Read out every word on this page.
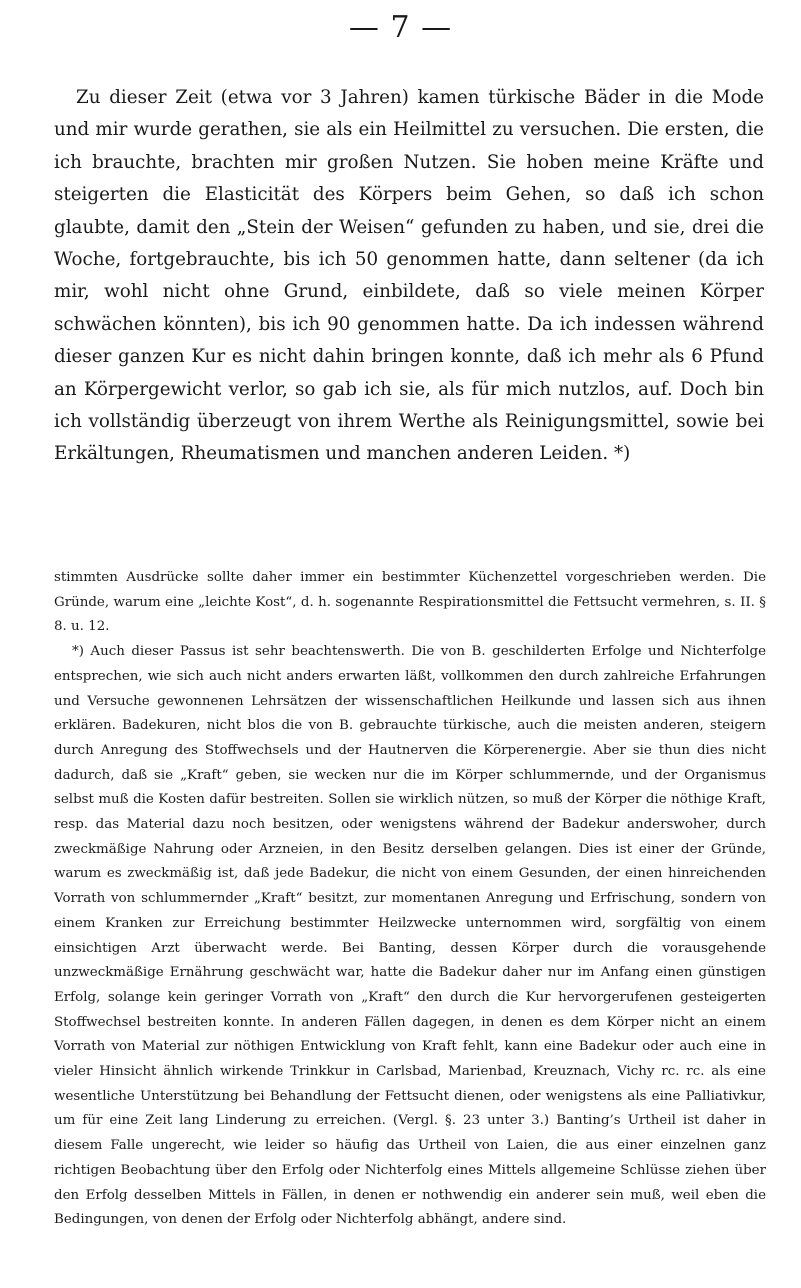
— 7 —

Zu dieser Zeit (etwa vor 3 Jahren) kamen türkische Bäder in die Mode und mir wurde gerathen, sie als ein Heilmittel zu versuchen. Die ersten, die ich brauchte, brachten mir großen Nutzen. Sie hoben meine Kräfte und steigerten die Elasticität des Körpers beim Gehen, so daß ich schon glaubte, damit den „Stein der Weisen“ gefunden zu haben, und sie, drei die Woche, fortgebrauchte, bis ich 50 genommen hatte, dann seltener (da ich mir, wohl nicht ohne Grund, einbildete, daß so viele meinen Körper schwächen könnten), bis ich 90 genommen hatte. Da ich indessen während dieser ganzen Kur es nicht dahin bringen konnte, daß ich mehr als 6 Pfund an Körpergewicht verlor, so gab ich sie, als für mich nutzlos, auf. Doch bin ich vollständig überzeugt von ihrem Werthe als Reinigungsmittel, sowie bei Erkältungen, Rheumatismen und manchen anderen Leiden. *)

stimmten Ausdrücke sollte daher immer ein bestimmter Küchenzettel vorgeschrieben werden. Die Gründe, warum eine „leichte Kost“, d. h. sogenannte Respirationsmittel die Fettsucht vermehren, s. II. § 8. u. 12.

*) Auch dieser Passus ist sehr beachtenswerth. Die von B. geschilderten Erfolge und Nichterfolge entsprechen, wie sich auch nicht anders erwarten läßt, vollkommen den durch zahlreiche Erfahrungen und Versuche gewonnenen Lehrsätzen der wissenschaftlichen Heilkunde und lassen sich aus ihnen erklären. Badekuren, nicht blos die von B. gebrauchte türkische, auch die meisten anderen, steigern durch Anregung des Stoffwechsels und der Hautnerven die Körperenergie. Aber sie thun dies nicht dadurch, daß sie „Kraft“ geben, sie wecken nur die im Körper schlummernde, und der Organismus selbst muß die Kosten dafür bestreiten. Sollen sie wirklich nützen, so muß der Körper die nöthige Kraft, resp. das Material dazu noch besitzen, oder wenigstens während der Badekur anderswoher, durch zweckmäßige Nahrung oder Arzneien, in den Besitz derselben gelangen. Dies ist einer der Gründe, warum es zweckmäßig ist, daß jede Badekur, die nicht von einem Gesunden, der einen hinreichenden Vorrath von schlummernder „Kraft“ besitzt, zur momentanen Anregung und Erfrischung, sondern von einem Kranken zur Erreichung bestimmter Heilzwecke unternommen wird, sorgfältig von einem einsichtigen Arzt überwacht werde. Bei Banting, dessen Körper durch die vorausgehende unzweckmäßige Ernährung geschwächt war, hatte die Badekur daher nur im Anfang einen günstigen Erfolg, solange kein geringer Vorrath von „Kraft“ den durch die Kur hervorgerufenen gesteigerten Stoffwechsel bestreiten konnte. In anderen Fällen dagegen, in denen es dem Körper nicht an einem Vorrath von Material zur nöthigen Entwicklung von Kraft fehlt, kann eine Badekur oder auch eine in vieler Hinsicht ähnlich wirkende Trinkkur in Carlsbad, Marienbad, Kreuznach, Vichy rc. rc. als eine wesentliche Unterstützung bei Behandlung der Fettsucht dienen, oder wenigstens als eine Palliativkur, um für eine Zeit lang Linderung zu erreichen. (Vergl. §. 23 unter 3.) Banting’s Urtheil ist daher in diesem Falle ungerecht, wie leider so häufig das Urtheil von Laien, die aus einer einzelnen ganz richtigen Beobachtung über den Erfolg oder Nichterfolg eines Mittels allgemeine Schlüsse ziehen über den Erfolg desselben Mittels in Fällen, in denen er nothwendig ein anderer sein muß, weil eben die Bedingungen, von denen der Erfolg oder Nichterfolg abhängt, andere sind.
